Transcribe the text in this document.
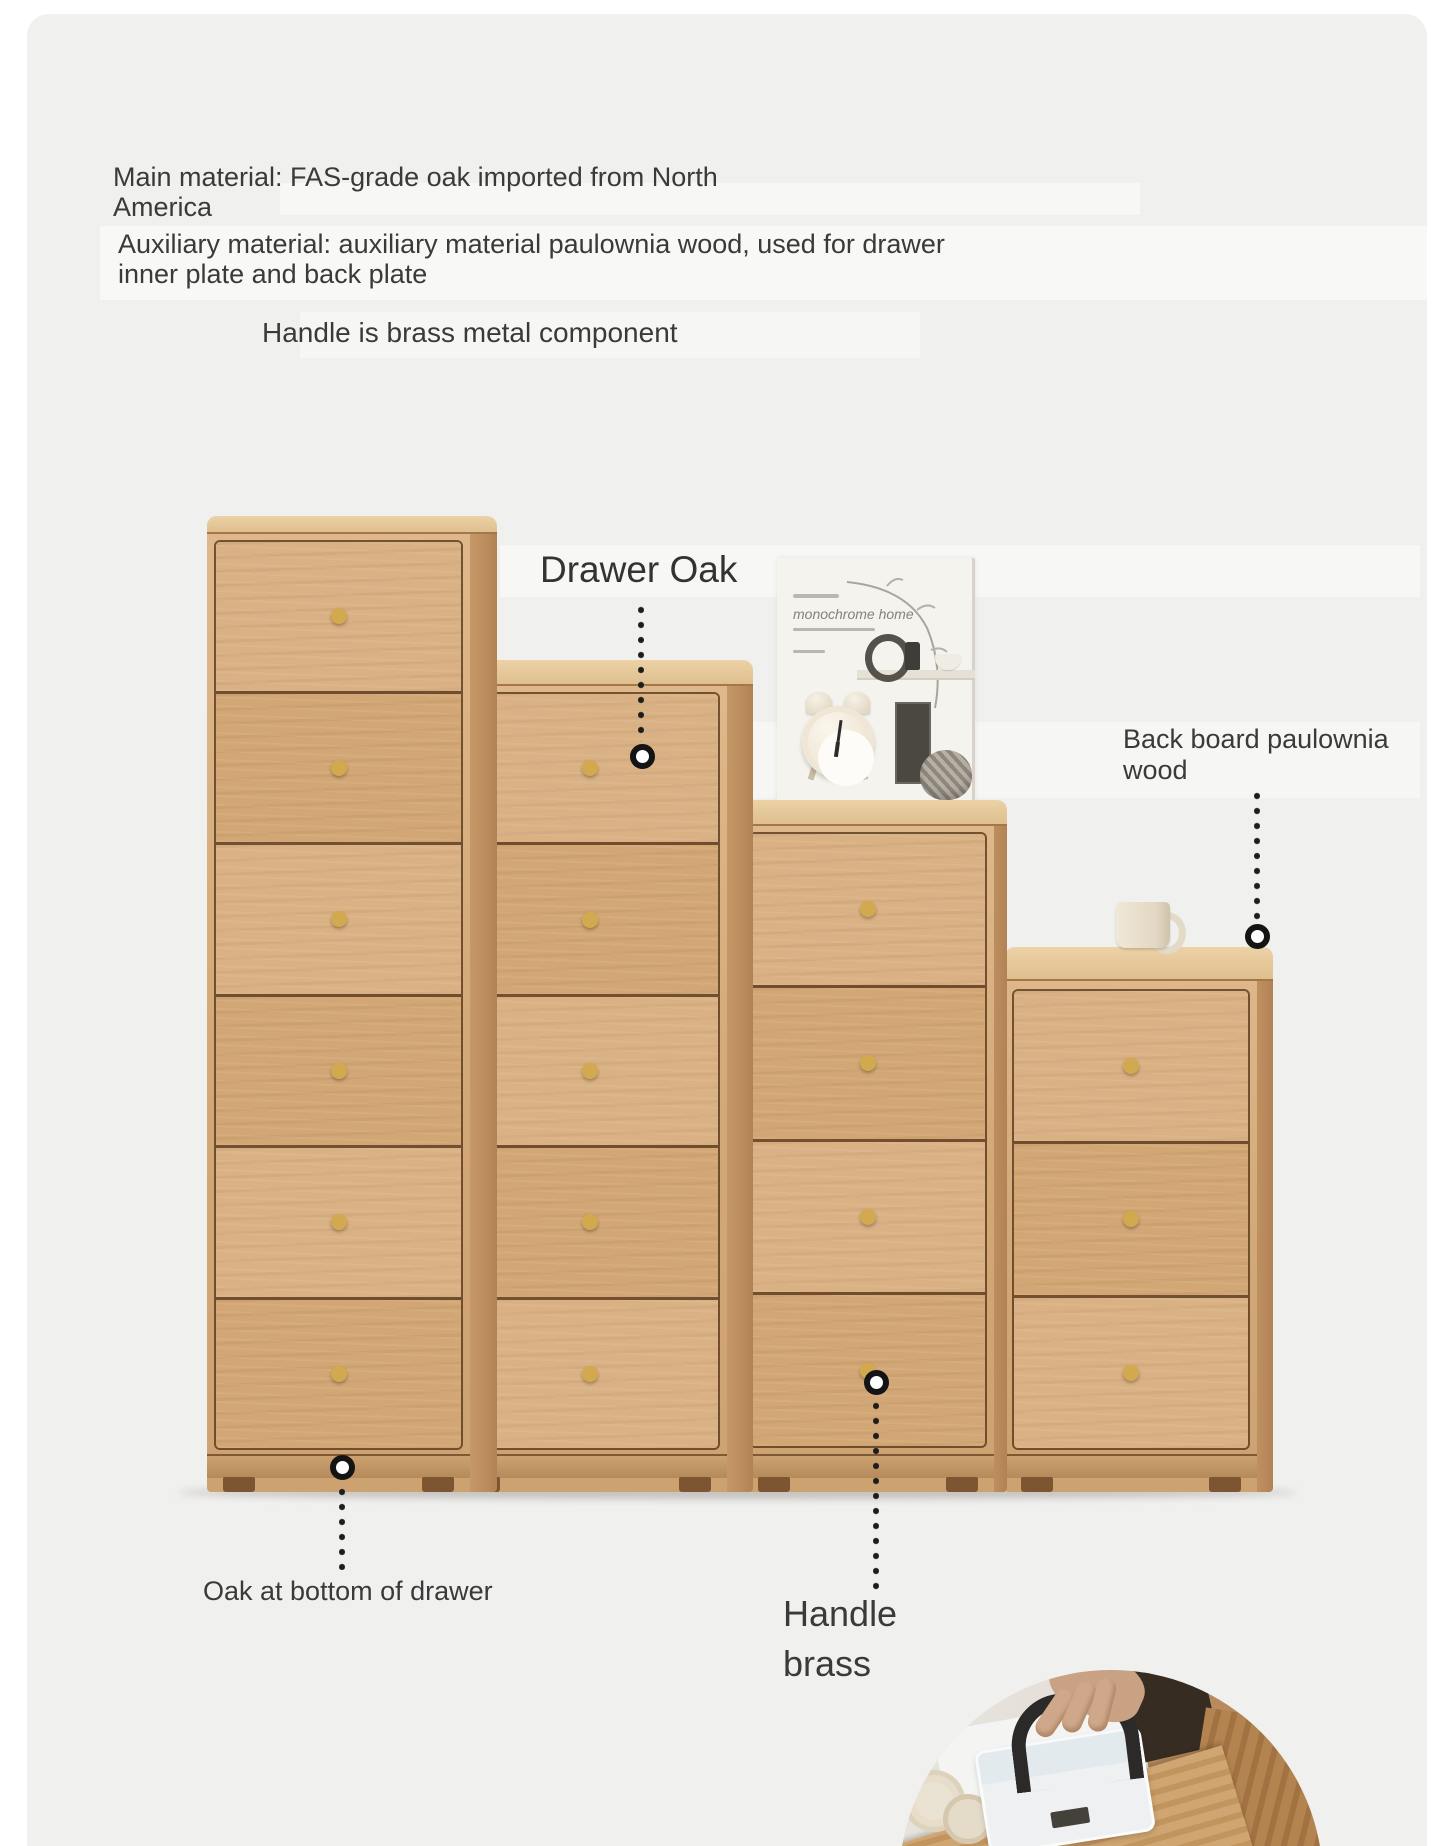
Main material: FAS-grade oak imported from North
America
Auxiliary material: auxiliary material paulownia wood, used for drawer
inner plate and back plate
Handle is brass metal component
monochrome home
Drawer Oak
Back board paulownia
wood
Oak at bottom of drawer
Handle
brass
